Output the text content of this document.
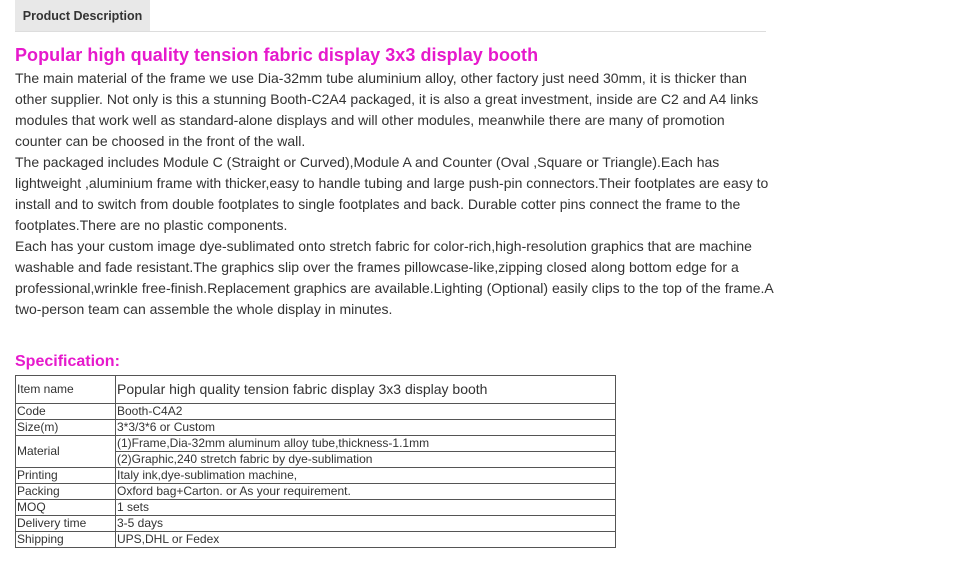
Product Description
Popular high quality tension fabric display 3x3 display booth

The main material of the frame we use Dia-32mm tube aluminium alloy, other factory just need 30mm, it is thicker than other supplier. Not only is this a stunning Booth-C2A4 packaged, it is also a great investment, inside are C2 and A4 links modules that work well as standard-alone displays and will other modules, meanwhile there are many of promotion counter can be choosed in the front of the wall.

The packaged includes Module C (Straight or Curved),Module A and Counter (Oval ,Square or Triangle).Each has lightweight ,aluminium frame with thicker,easy to handle tubing and large push-pin connectors.Their footplates are easy to install and to switch from double footplates to single footplates and back. Durable cotter pins connect the frame to the footplates.There are no plastic components.

Each has your custom image dye-sublimated onto stretch fabric for color-rich,high-resolution graphics that are machine washable and fade resistant.The graphics slip over the frames pillowcase-like,zipping closed along bottom edge for a professional,wrinkle free-finish.Replacement graphics are available.Lighting (Optional) easily clips to the top of the frame.A two-person team can assemble the whole display in minutes.

Specification:
Item name	Popular high quality tension fabric display 3x3 display booth
Code	Booth-C4A2
Size(m)	3*3/3*6 or Custom
Material	(1)Frame,Dia-32mm aluminum alloy tube,thickness-1.1mm
	(2)Graphic,240 stretch fabric by dye-sublimation
Printing	Italy ink,dye-sublimation machine,
Packing	Oxford bag+Carton. or As your requirement.
MOQ	1 sets
Delivery time	3-5 days
Shipping	UPS,DHL or Fedex
